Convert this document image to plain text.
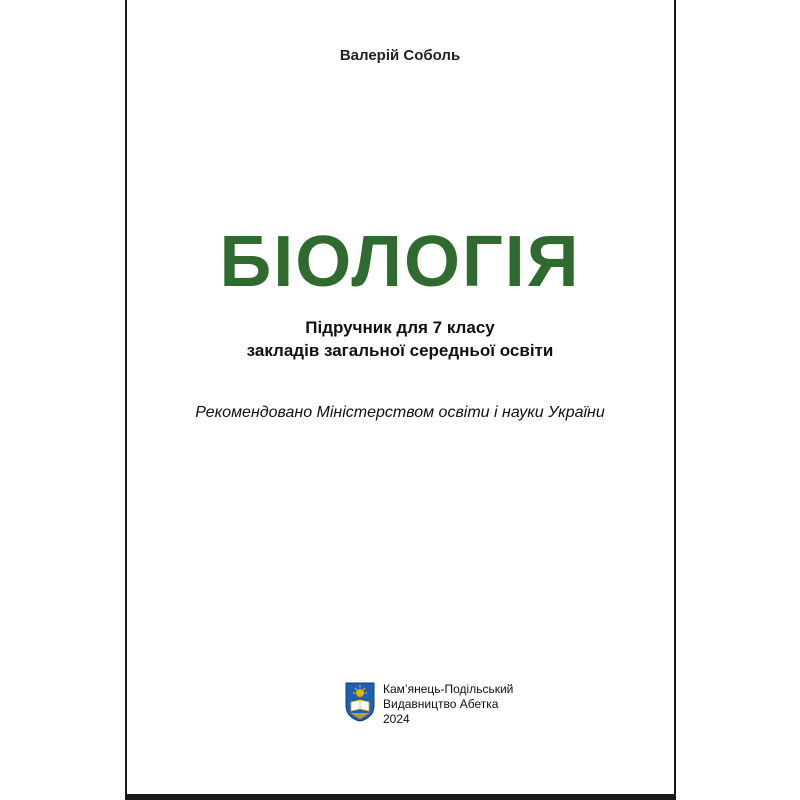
Валерій Соболь
БІОЛОГІЯ
Підручник для 7 класу
закладів загальної середньої освіти
Рекомендовано Міністерством освіти і науки України
Кам’янець-Подільський
Видавництво Абетка
2024
